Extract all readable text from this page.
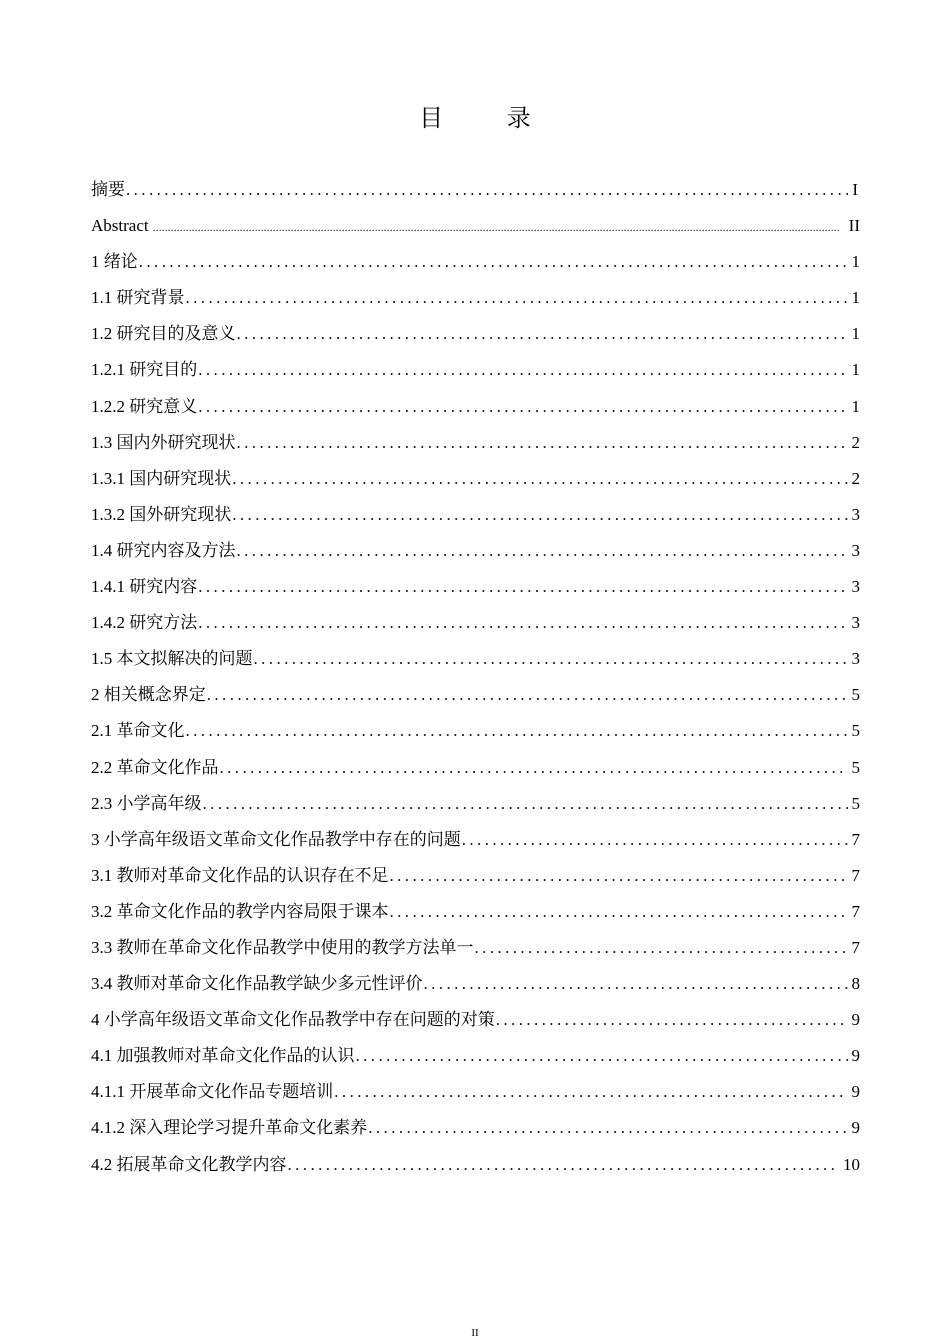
目 录
摘要 .....	I
Abstract .....	II
1 绪论 .....	1
1.1 研究背景 .....	1
1.2 研究目的及意义 .....	1
1.2.1 研究目的 .....	1
1.2.2 研究意义 .....	1
1.3 国内外研究现状 .....	2
1.3.1 国内研究现状 .....	2
1.3.2 国外研究现状 .....	3
1.4 研究内容及方法 .....	3
1.4.1 研究内容 .....	3
1.4.2 研究方法 .....	3
1.5 本文拟解决的问题 .....	3
2 相关概念界定 .....	5
2.1 革命文化 .....	5
2.2 革命文化作品 .....	5
2.3 小学高年级 .....	5
3 小学高年级语文革命文化作品教学中存在的问题 .....	7
3.1 教师对革命文化作品的认识存在不足 .....	7
3.2 革命文化作品的教学内容局限于课本 .....	7
3.3 教师在革命文化作品教学中使用的教学方法单一 .....	7
3.4 教师对革命文化作品教学缺少多元性评价 .....	8
4 小学高年级语文革命文化作品教学中存在问题的对策 .....	9
4.1 加强教师对革命文化作品的认识 .....	9
4.1.1 开展革命文化作品专题培训 .....	9
4.1.2 深入理论学习提升革命文化素养 .....	9
4.2 拓展革命文化教学内容 .....	10
II
